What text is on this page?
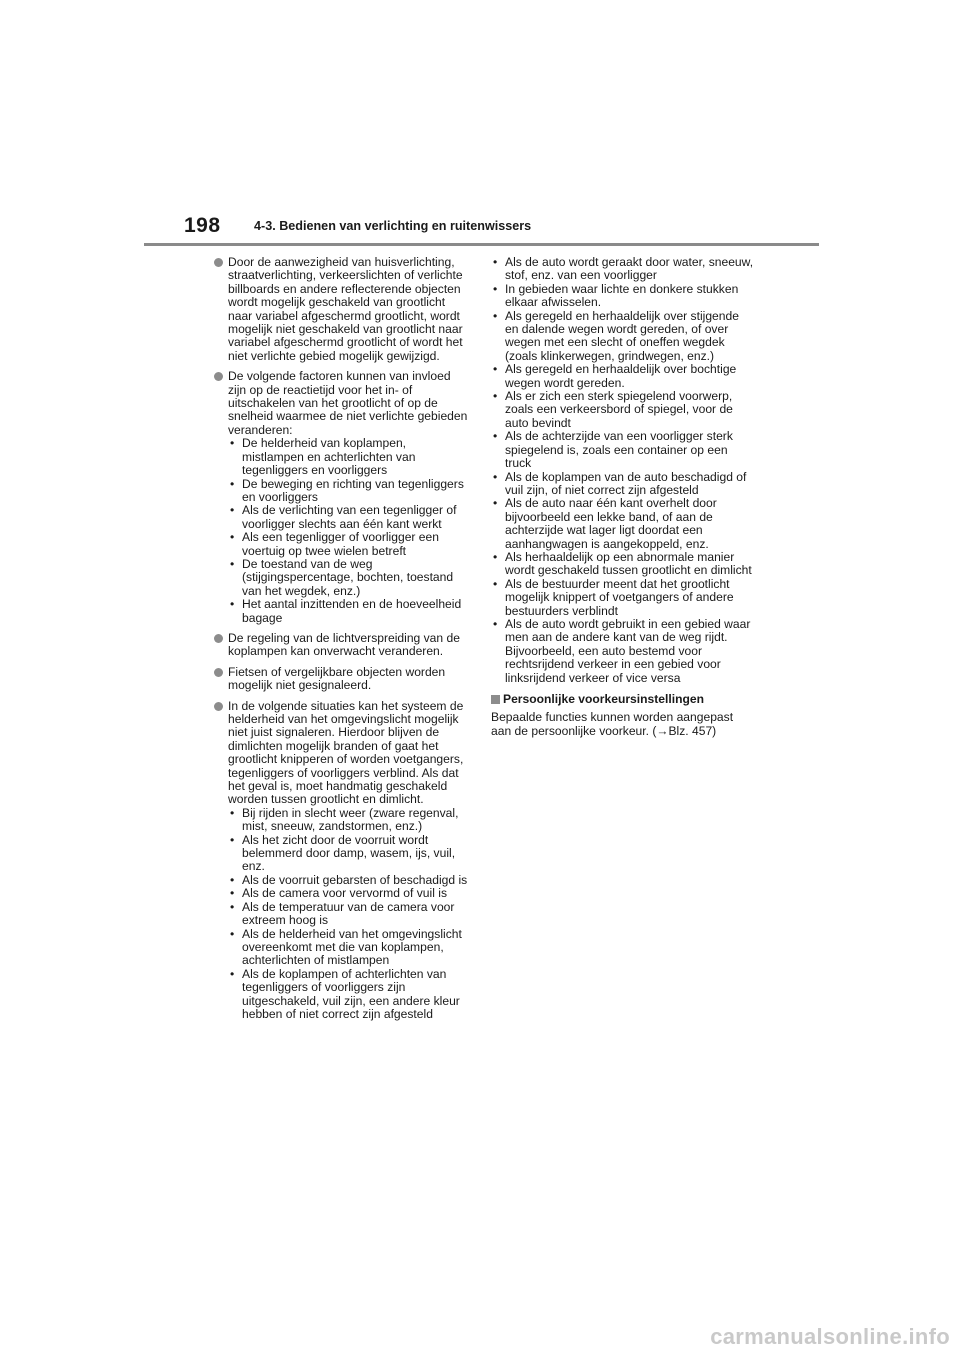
198	4-3. Bedienen van verlichting en ruitenwissers
Door de aanwezigheid van huisverlichting, straatverlichting, verkeerslichten of verlichte billboards en andere reflecterende objecten wordt mogelijk geschakeld van grootlicht naar variabel afgeschermd grootlicht, wordt mogelijk niet geschakeld van grootlicht naar variabel afgeschermd grootlicht of wordt het niet verlichte gebied mogelijk gewijzigd.
De volgende factoren kunnen van invloed zijn op de reactietijd voor het in- of uitschakelen van het grootlicht of op de snelheid waarmee de niet verlichte gebieden veranderen:
• De helderheid van koplampen, mistlampen en achterlichten van tegenliggers en voorliggers
• De beweging en richting van tegenliggers en voorliggers
• Als de verlichting van een tegenligger of voorligger slechts aan één kant werkt
• Als een tegenligger of voorligger een voertuig op twee wielen betreft
• De toestand van de weg (stijgingspercentage, bochten, toestand van het wegdek, enz.)
• Het aantal inzittenden en de hoeveelheid bagage
De regeling van de lichtverspreiding van de koplampen kan onverwacht veranderen.
Fietsen of vergelijkbare objecten worden mogelijk niet gesignaleerd.
In de volgende situaties kan het systeem de helderheid van het omgevingslicht mogelijk niet juist signaleren. Hierdoor blijven de dimlichten mogelijk branden of gaat het grootlicht knipperen of worden voetgangers, tegenliggers of voorliggers verblind. Als dat het geval is, moet handmatig geschakeld worden tussen grootlicht en dimlicht.
• Bij rijden in slecht weer (zware regenval, mist, sneeuw, zandstormen, enz.)
• Als het zicht door de voorruit wordt belemmerd door damp, wasem, ijs, vuil, enz.
• Als de voorruit gebarsten of beschadigd is
• Als de camera voor vervormd of vuil is
• Als de temperatuur van de camera voor extreem hoog is
• Als de helderheid van het omgevingslicht overeenkomt met die van koplampen, achterlichten of mistlampen
• Als de koplampen of achterlichten van tegenliggers of voorliggers zijn uitgeschakeld, vuil zijn, een andere kleur hebben of niet correct zijn afgesteld
• Als de auto wordt geraakt door water, sneeuw, stof, enz. van een voorligger
• In gebieden waar lichte en donkere stukken elkaar afwisselen.
• Als geregeld en herhaaldelijk over stijgende en dalende wegen wordt gereden, of over wegen met een slecht of oneffen wegdek (zoals klinkerwegen, grindwegen, enz.)
• Als geregeld en herhaaldelijk over bochtige wegen wordt gereden.
• Als er zich een sterk spiegelend voorwerp, zoals een verkeersbord of spiegel, voor de auto bevindt
• Als de achterzijde van een voorligger sterk spiegelend is, zoals een container op een truck
• Als de koplampen van de auto beschadigd of vuil zijn, of niet correct zijn afgesteld
• Als de auto naar één kant overhelt door bijvoorbeeld een lekke band, of aan de achterzijde wat lager ligt doordat een aanhangwagen is aangekoppeld, enz.
• Als herhaaldelijk op een abnormale manier wordt geschakeld tussen grootlicht en dimlicht
• Als de bestuurder meent dat het grootlicht mogelijk knippert of voetgangers of andere bestuurders verblindt
• Als de auto wordt gebruikt in een gebied waar men aan de andere kant van de weg rijdt. Bijvoorbeeld, een auto bestemd voor rechtsrijdend verkeer in een gebied voor linksrijdend verkeer of vice versa
Persoonlijke voorkeursinstellingen
Bepaalde functies kunnen worden aangepast aan de persoonlijke voorkeur. (→Blz. 457)
carmanualsonline.info
